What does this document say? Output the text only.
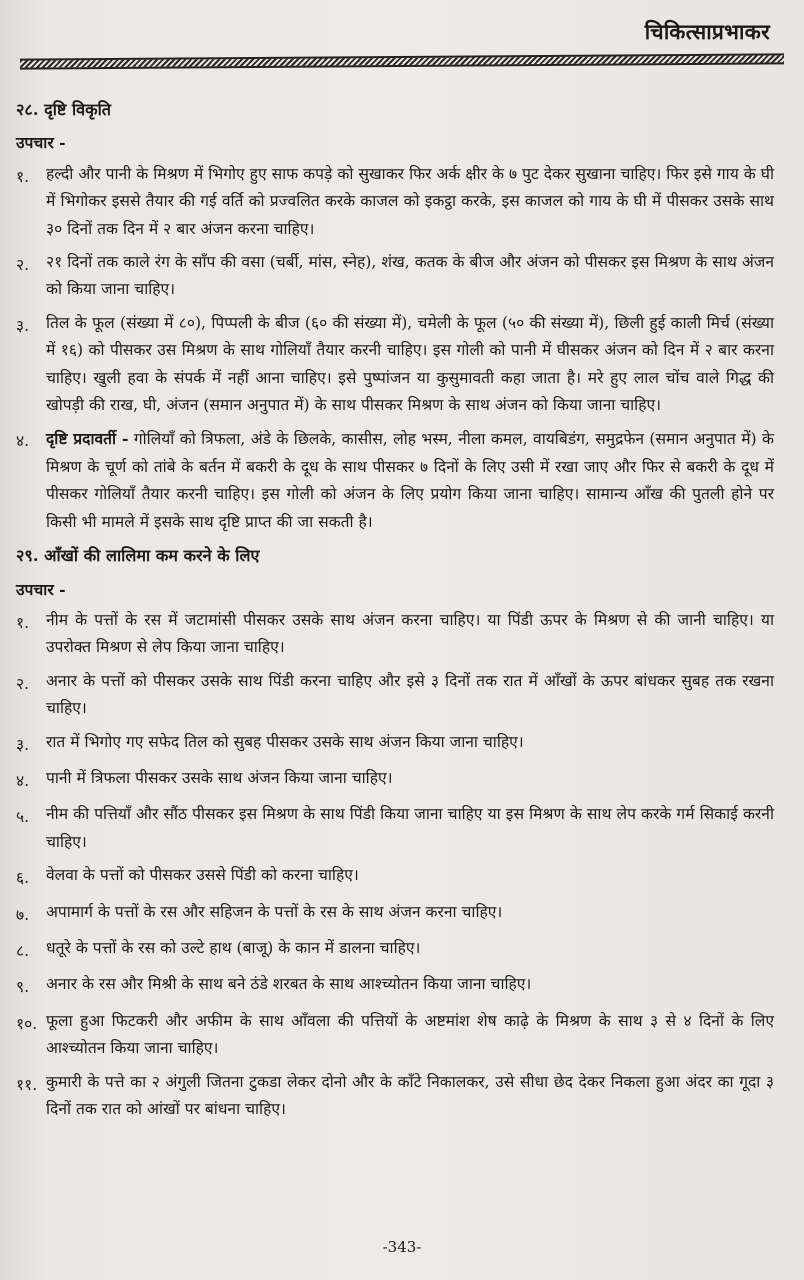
चिकित्साप्रभाकर

२८. दृष्टि विकृति

उपचार -

१.	हल्दी और पानी के मिश्रण में भिगोए हुए साफ कपड़े को सुखाकर फिर अर्क क्षीर के ७ पुट देकर सुखाना चाहिए। फिर इसे गाय के घी में भिगोकर इससे तैयार की गई वर्ति को प्रज्वलित करके काजल को इकट्ठा करके, इस काजल को गाय के घी में पीसकर उसके साथ ३० दिनों तक दिन में २ बार अंजन करना चाहिए।
२.	२१ दिनों तक काले रंग के साँप की वसा (चर्बी, मांस, स्नेह), शंख, कतक के बीज और अंजन को पीसकर इस मिश्रण के साथ अंजन को किया जाना चाहिए।
३.	तिल के फूल (संख्या में ८०), पिप्पली के बीज (६० की संख्या में), चमेली के फूल (५० की संख्या में), छिली हुई काली मिर्च (संख्या में १६) को पीसकर उस मिश्रण के साथ गोलियाँ तैयार करनी चाहिए। इस गोली को पानी में घीसकर अंजन को दिन में २ बार करना चाहिए। खुली हवा के संपर्क में नहीं आना चाहिए। इसे पुष्पांजन या कुसुमावती कहा जाता है। मरे हुए लाल चोंच वाले गिद्ध की खोपड़ी की राख, घी, अंजन (समान अनुपात में) के साथ पीसकर मिश्रण के साथ अंजन को किया जाना चाहिए।
४.	दृष्टि प्रदावर्ती - गोलियाँ को त्रिफला, अंडे के छिलके, कासीस, लोह भस्म, नीला कमल, वायबिडंग, समुद्रफेन (समान अनुपात में) के मिश्रण के चूर्ण को तांबे के बर्तन में बकरी के दूध के साथ पीसकर ७ दिनों के लिए उसी में रखा जाए और फिर से बकरी के दूध में पीसकर गोलियाँ तैयार करनी चाहिए। इस गोली को अंजन के लिए प्रयोग किया जाना चाहिए। सामान्य आँख की पुतली होने पर किसी भी मामले में इसके साथ दृष्टि प्राप्त की जा सकती है।

२९. आँखों की लालिमा कम करने के लिए

उपचार -

१.	नीम के पत्तों के रस में जटामांसी पीसकर उसके साथ अंजन करना चाहिए। या पिंडी ऊपर के मिश्रण से की जानी चाहिए। या उपरोक्त मिश्रण से लेप किया जाना चाहिए।
२.	अनार के पत्तों को पीसकर उसके साथ पिंडी करना चाहिए और इसे ३ दिनों तक रात में आँखों के ऊपर बांधकर सुबह तक रखना चाहिए।
३.	रात में भिगोए गए सफेद तिल को सुबह पीसकर उसके साथ अंजन किया जाना चाहिए।
४.	पानी में त्रिफला पीसकर उसके साथ अंजन किया जाना चाहिए।
५.	नीम की पत्तियाँ और सौंठ पीसकर इस मिश्रण के साथ पिंडी किया जाना चाहिए या इस मिश्रण के साथ लेप करके गर्म सिकाई करनी चाहिए।
६.	वेलवा के पत्तों को पीसकर उससे पिंडी को करना चाहिए।
७.	अपामार्ग के पत्तों के रस और सहिजन के पत्तों के रस के साथ अंजन करना चाहिए।
८.	धतूरे के पत्तों के रस को उल्टे हाथ (बाजू) के कान में डालना चाहिए।
९.	अनार के रस और मिश्री के साथ बने ठंडे शरबत के साथ आश्च्योतन किया जाना चाहिए।
१०. फूला हुआ फिटकरी और अफीम के साथ आँवला की पत्तियों के अष्टमांश शेष काढ़े के मिश्रण के साथ ३ से ४ दिनों के लिए आश्च्योतन किया जाना चाहिए।
११. कुमारी के पत्ते का २ अंगुली जितना टुकडा लेकर दोनो और के काँटे निकालकर, उसे सीधा छेद देकर निकला हुआ अंदर का गूदा ३ दिनों तक रात को आंखों पर बांधना चाहिए।
-343-
